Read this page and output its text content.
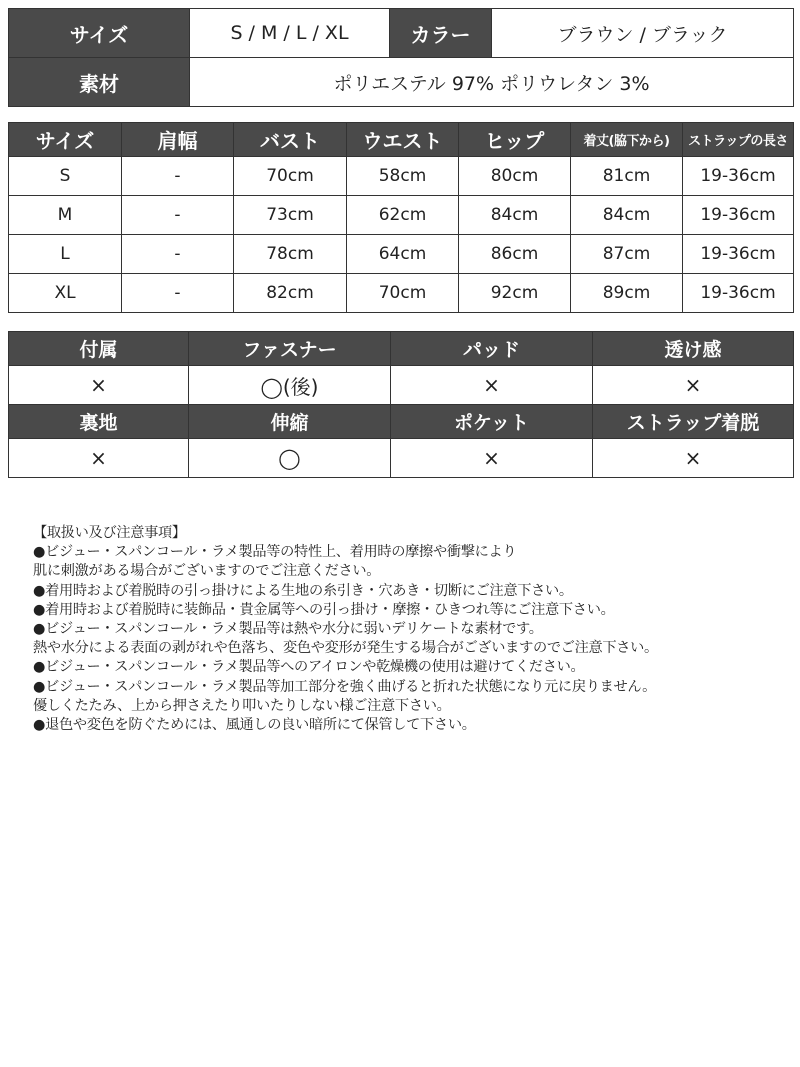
サイズ	S / M / L / XL	カラー	ブラウン / ブラック
素材	ポリエステル 97% ポリウレタン 3%		
サイズ	肩幅	バスト	ウエスト	ヒップ	着丈(脇下から)	ストラップの長さ
S	-	70cm	58cm	80cm	81cm	19-36cm
M	-	73cm	62cm	84cm	84cm	19-36cm
L	-	78cm	64cm	86cm	87cm	19-36cm
XL	-	82cm	70cm	92cm	89cm	19-36cm
付属	ファスナー	パッド	透け感
×	◯(後)	×	×
裏地	伸縮	ポケット	ストラップ着脱
×	◯	×	×
【取扱い及び注意事項】
●ビジュー・スパンコール・ラメ製品等の特性上、着用時の摩擦や衝撃により
肌に刺激がある場合がございますのでご注意ください。
●着用時および着脱時の引っ掛けによる生地の糸引き・穴あき・切断にご注意下さい。
●着用時および着脱時に装飾品・貴金属等への引っ掛け・摩擦・ひきつれ等にご注意下さい。
●ビジュー・スパンコール・ラメ製品等は熱や水分に弱いデリケートな素材です。
熱や水分による表面の剥がれや色落ち、変色や変形が発生する場合がございますのでご注意下さい。
●ビジュー・スパンコール・ラメ製品等へのアイロンや乾燥機の使用は避けてください。
●ビジュー・スパンコール・ラメ製品等加工部分を強く曲げると折れた状態になり元に戻りません。
優しくたたみ、上から押さえたり叩いたりしない様ご注意下さい。
●退色や変色を防ぐためには、風通しの良い暗所にて保管して下さい。
